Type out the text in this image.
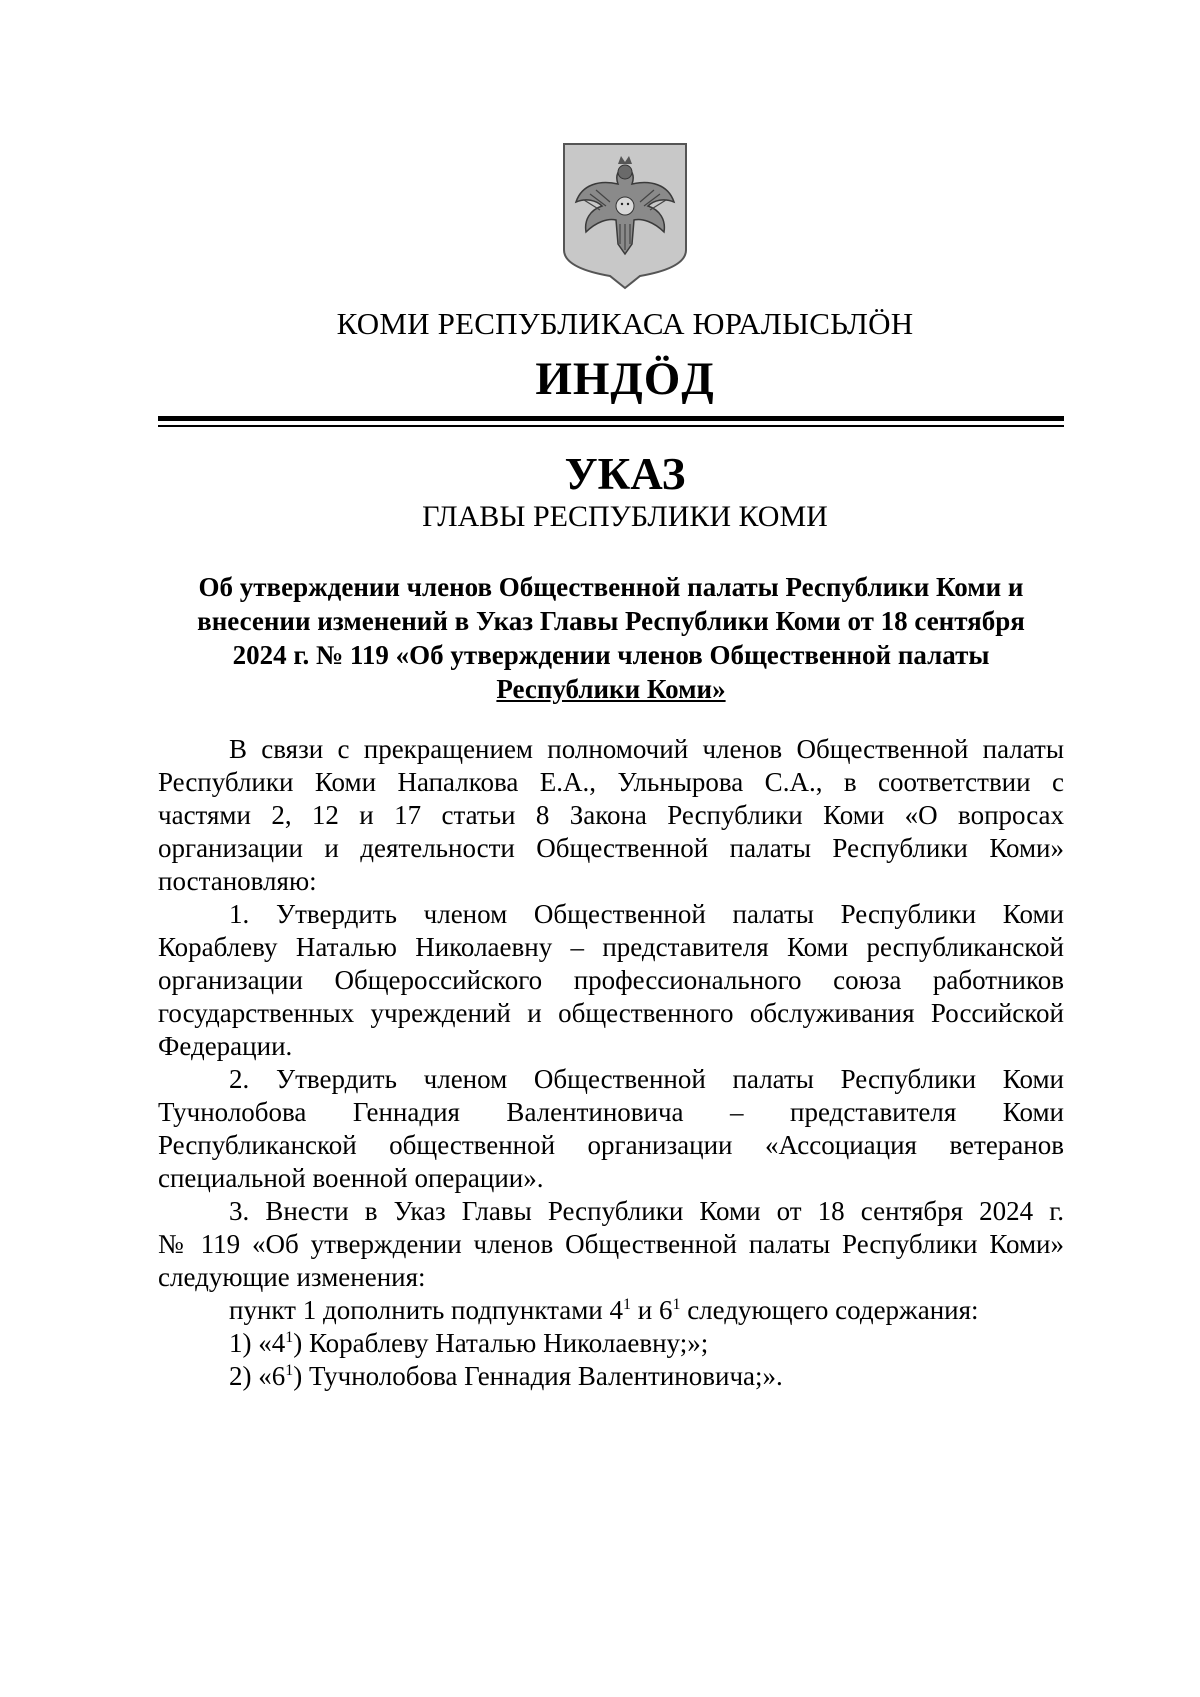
КОМИ РЕСПУБЛИКАСА ЮРАЛЫСЬЛÖН
ИНДÖД
УКАЗ
ГЛАВЫ РЕСПУБЛИКИ КОМИ
Об утверждении членов Общественной палаты Республики Коми и
внесении изменений в Указ Главы Республики Коми от 18 сентября
2024 г. № 119 «Об утверждении членов Общественной палаты
Республики Коми»
В связи с прекращением полномочий членов Общественной палаты
Республики Коми Напалкова Е.А., Ульнырова С.А., в соответствии с
частями 2, 12 и 17 статьи 8 Закона Республики Коми «О вопросах
организации и деятельности Общественной палаты Республики Коми»
постановляю:
1. Утвердить членом Общественной палаты Республики Коми
Кораблеву Наталью Николаевну – представителя Коми республиканской
организации Общероссийского профессионального союза работников
государственных учреждений и общественного обслуживания Российской
Федерации.
2. Утвердить членом Общественной палаты Республики Коми
Тучнолобова Геннадия Валентиновича – представителя Коми
Республиканской общественной организации «Ассоциация ветеранов
специальной военной операции».
3. Внести в Указ Главы Республики Коми от 18 сентября 2024 г.
№ 119 «Об утверждении членов Общественной палаты Республики Коми»
следующие изменения:
пункт 1 дополнить подпунктами $4^1$ и $6^1$ следующего содержания:
1) «$4^1$) Кораблеву Наталью Николаевну;»;
2) «$6^1$) Тучнолобова Геннадия Валентиновича;».
